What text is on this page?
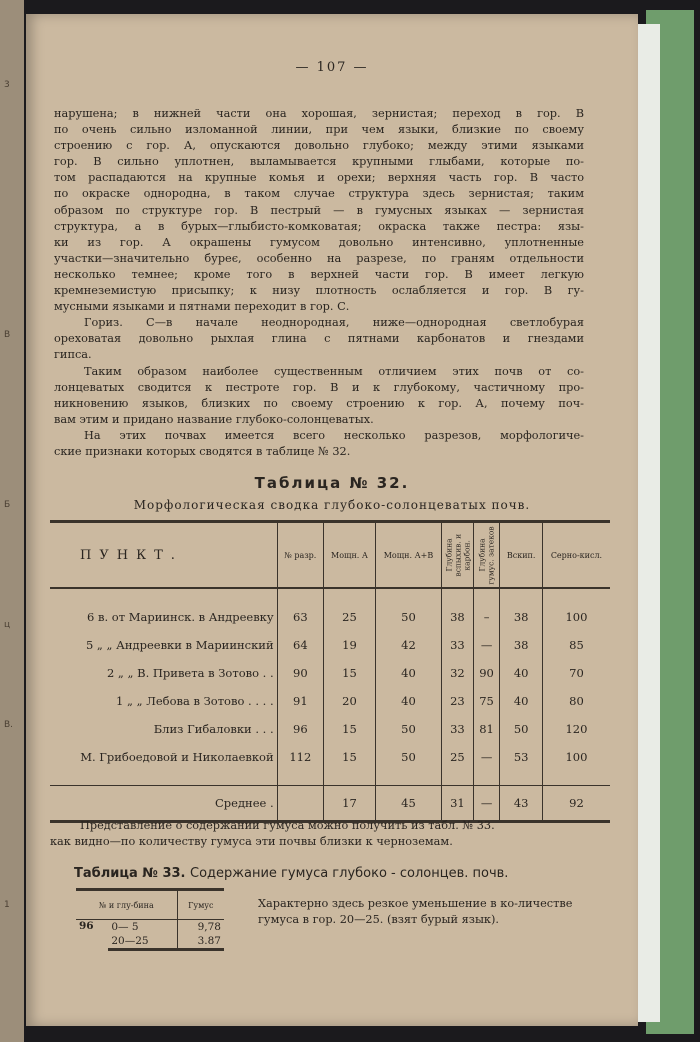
3
В
Б
ц
В.
1
— 107 —

нарушена; в нижней части она хорошая, зернистая; переход в гор. В
по очень сильно изломанной линии, при чем языки, близкие по своему
строению с гор. А, опускаются довольно глубоко; между этими языками
гор. В сильно уплотнен, выламывается крупными глыбами, которые по-
том распадаются на крупные комья и орехи; верхняя часть гор. В часто
по окраске однородна, в таком случае структура здесь зернистая; таким
образом по структуре гор. В пестрый — в гумусных языках — зернистая
структура, а в бурых—глыбисто-комковатая; окраска также пестра: язы-
ки из гор. А окрашены гумусом довольно интенсивно, уплотненные
участки—значительно буреє, особенно на разрезе, по граням отдельности
несколько темнее; кроме того в верхней части гор. В имеет легкую
кремнеземистую присыпку; к низу плотность ослабляется и гор. В гу-
мусными языками и пятнами переходит в гор. С.

Гориз. С—в начале неоднородная, ниже—однородная светлобурая
ореховатая довольно рыхлая глина с пятнами карбонатов и гнездами
гипса.

Таким образом наиболее существенным отличием этих почв от со-
лонцеватых сводится к пестроте гор. В и к глубокому, частичному про-
никновению языков, близких по своему строению к гор. А, почему поч-
вам этим и придано название глубоко-солонцеватых.

На этих почвах имеется всего несколько разрезов, морфологиче-
ские признаки которых сводятся в таблице № 32.

Таблица № 32.
Морфологическая сводка глубоко-солонцеватых почв.
ПУНКТ.	№ разр.	Мощн. А	Мощн. А+В	Глубина вспыхив. и карбон.	Глубина гумус. затеков	Вскип.	Серно-кисл.

6 в. от Мариинск. в Андреевку	63	25	50	38	–	38	100
5 „ „ Андреевки в Мариинский	64	19	42	33	—	38	85
2 „ „ В. Привета в Зотово . .	90	15	40	32	90	40	70
1 „ „ Лебова в Зотово . . . .	91	20	40	23	75	40	80
Близ Гибаловки . . .	96	15	50	33	81	50	120
М. Грибоедовой и Николаевкой	112	15	50	25	—	53	100

Среднее .		17	45	31	—	43	92
Представление о содержании гумуса можно получить из табл. № 33.
как видно—по количеству гумуса эти почвы близки к черноземам.
Таблица № 33. Содержание гумуса глубоко - солонцев. почв.
№ и глу-бина		Гумус
96	0— 5	9,78
	20—25	3.87
Характерно здесь резкое уменьшение в ко-личестве гумуса в гор. 20—25. (взят бурый язык).
